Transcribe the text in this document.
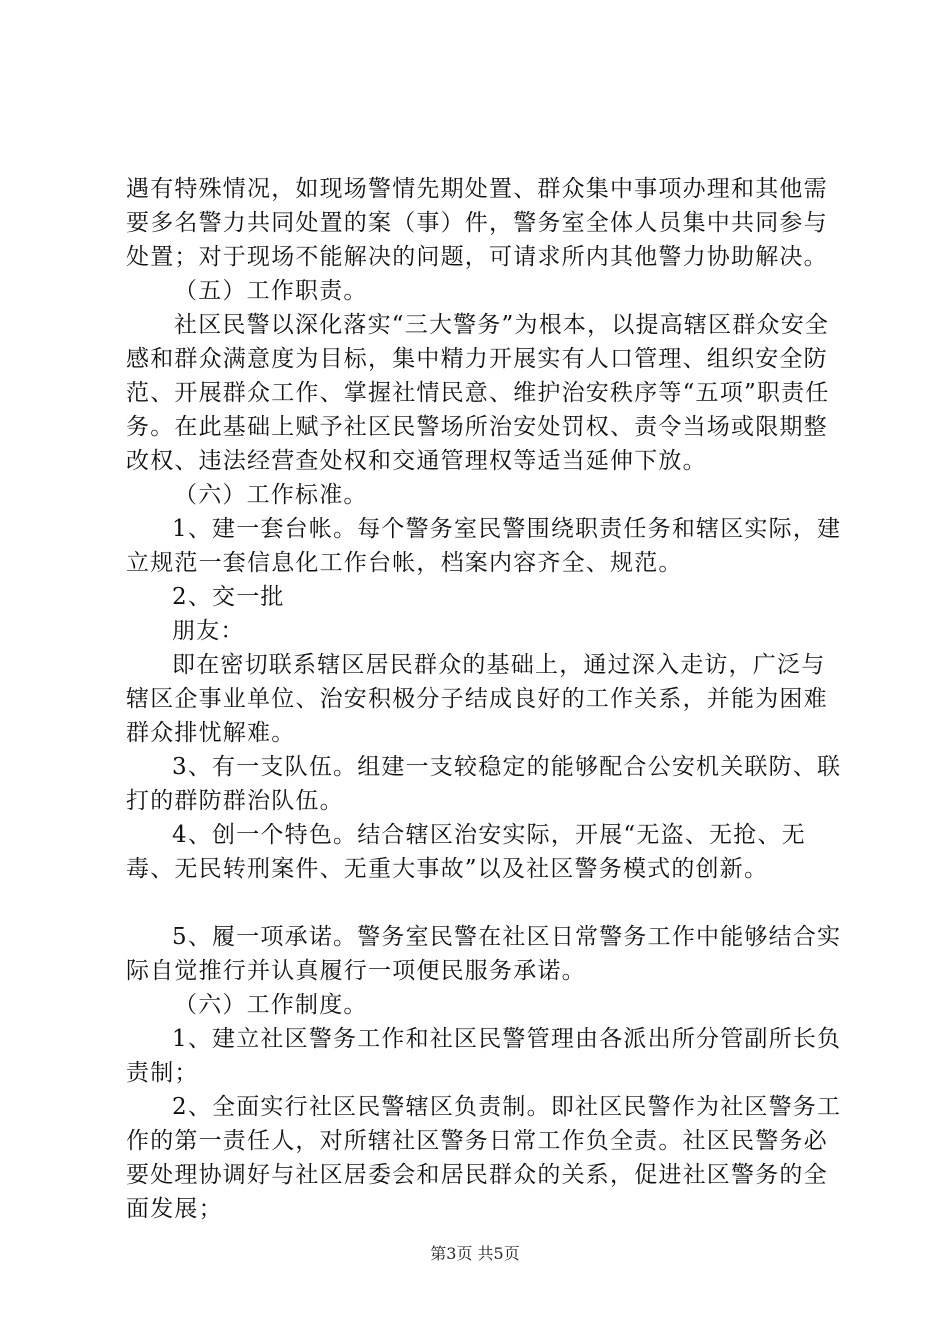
遇有特殊情况，如现场警情先期处置、群众集中事项办理和其他需要多名警力共同处置的案（事）件，警务室全体人员集中共同参与处置；对于现场不能解决的问题，可请求所内其他警力协助解决。

（五）工作职责。

社区民警以深化落实“三大警务”为根本，以提高辖区群众安全感和群众满意度为目标，集中精力开展实有人口管理、组织安全防范、开展群众工作、掌握社情民意、维护治安秩序等“五项”职责任务。在此基础上赋予社区民警场所治安处罚权、责令当场或限期整改权、违法经营查处权和交通管理权等适当延伸下放。

（六）工作标准。

1、建一套台帐。每个警务室民警围绕职责任务和辖区实际，建立规范一套信息化工作台帐，档案内容齐全、规范。

2、交一批

朋友：

即在密切联系辖区居民群众的基础上，通过深入走访，广泛与辖区企事业单位、治安积极分子结成良好的工作关系，并能为困难群众排忧解难。

3、有一支队伍。组建一支较稳定的能够配合公安机关联防、联打的群防群治队伍。

4、创一个特色。结合辖区治安实际，开展“无盗、无抢、无毒、无民转刑案件、无重大事故”以及社区警务模式的创新。

5、履一项承诺。警务室民警在社区日常警务工作中能够结合实际自觉推行并认真履行一项便民服务承诺。

（六）工作制度。

1、建立社区警务工作和社区民警管理由各派出所分管副所长负责制；

2、全面实行社区民警辖区负责制。即社区民警作为社区警务工作的第一责任人，对所辖社区警务日常工作负全责。社区民警务必要处理协调好与社区居委会和居民群众的关系，促进社区警务的全面发展；

第3页 共5页
